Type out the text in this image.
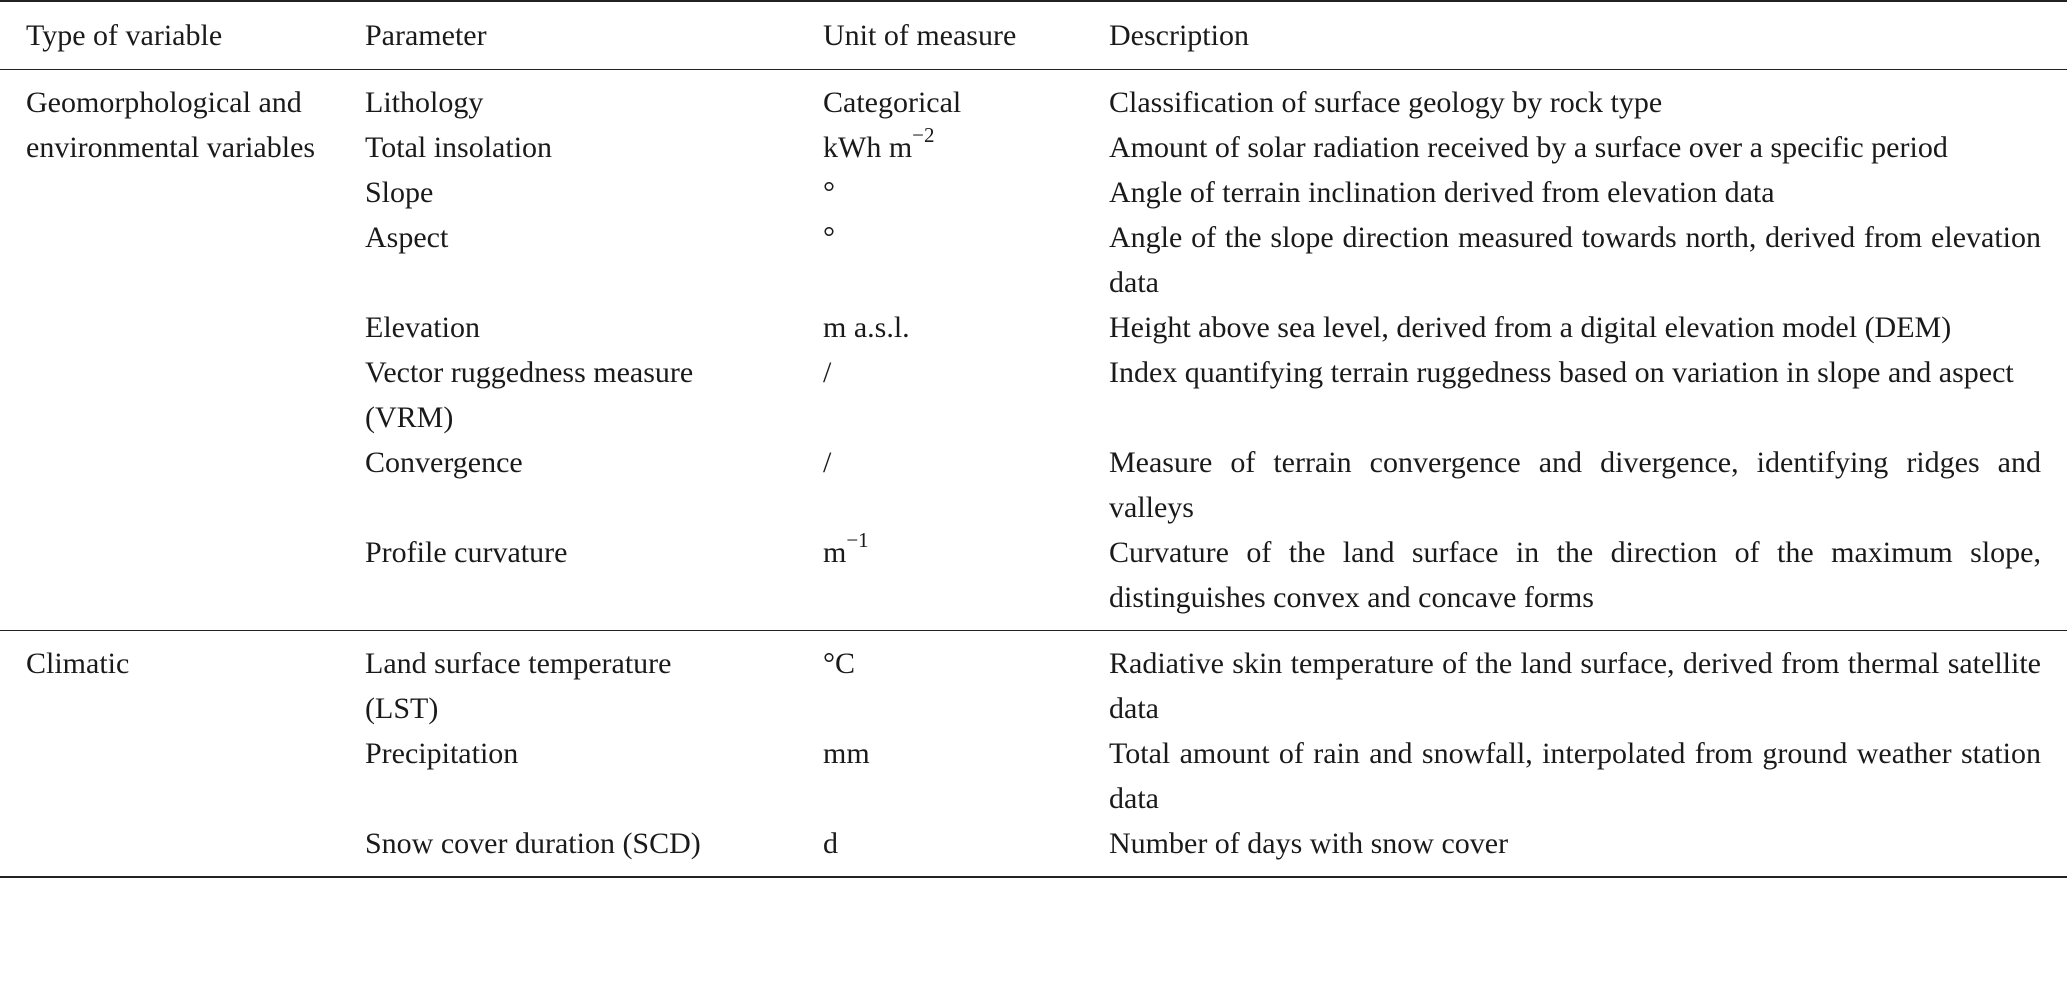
Type of variable	Parameter	Unit of measure	Description
Geomorphological and environmental variables	Lithology	Categorical	Classification of surface geology by rock type
	Total insolation	kWh $m^{-2}$	Amount of solar radiation received by a surface over a specific period
	Slope	°	Angle of terrain inclination derived from elevation data
	Aspect	°	Angle of the slope direction measured towards north, derived from elevation data
	Elevation	m a.s.l.	Height above sea level, derived from a digital elevation model (DEM)
	Vector ruggedness measure (VRM)	/	Index quantifying terrain ruggedness based on variation in slope and aspect
	Convergence	/	Measure of terrain convergence and divergence, identifying ridges and valleys
	Profile curvature	$m^{-1}$	Curvature of the land surface in the direction of the maximum slope, distinguishes convex and concave forms
Climatic	Land surface temperature (LST)	°C	Radiative skin temperature of the land surface, derived from thermal satellite data
	Precipitation	mm	Total amount of rain and snowfall, interpolated from ground weather station data
	Snow cover duration (SCD)	d	Number of days with snow cover
